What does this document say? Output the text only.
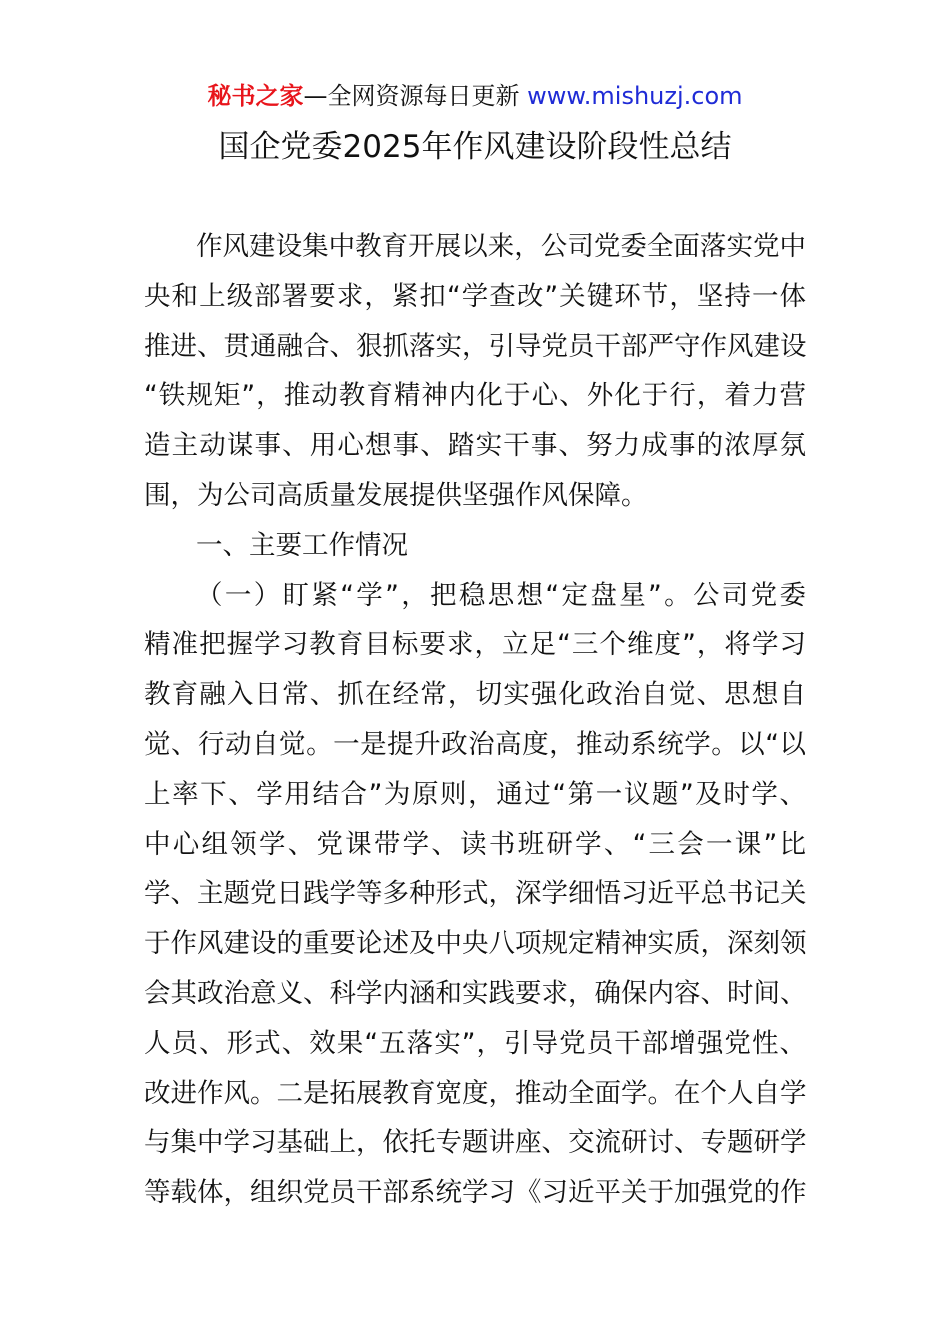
秘书之家—全网资源每日更新 www.mishuzj.com
国企党委2025年作风建设阶段性总结
作风建设集中教育开展以来，公司党委全面落实党中
央和上级部署要求，紧扣“学查改”关键环节，坚持一体
推进、贯通融合、狠抓落实，引导党员干部严守作风建设
“铁规矩”，推动教育精神内化于心、外化于行，着力营
造主动谋事、用心想事、踏实干事、努力成事的浓厚氛
围，为公司高质量发展提供坚强作风保障。
一、主要工作情况
（一）盯紧“学”，把稳思想“定盘星”。公司党委
精准把握学习教育目标要求，立足“三个维度”，将学习
教育融入日常、抓在经常，切实强化政治自觉、思想自
觉、行动自觉。一是提升政治高度，推动系统学。以“以
上率下、学用结合”为原则，通过“第一议题”及时学、
中心组领学、党课带学、读书班研学、“三会一课”比
学、主题党日践学等多种形式，深学细悟习近平总书记关
于作风建设的重要论述及中央八项规定精神实质，深刻领
会其政治意义、科学内涵和实践要求，确保内容、时间、
人员、形式、效果“五落实”，引导党员干部增强党性、
改进作风。二是拓展教育宽度，推动全面学。在个人自学
与集中学习基础上，依托专题讲座、交流研讨、专题研学
等载体，组织党员干部系统学习《习近平关于加强党的作
